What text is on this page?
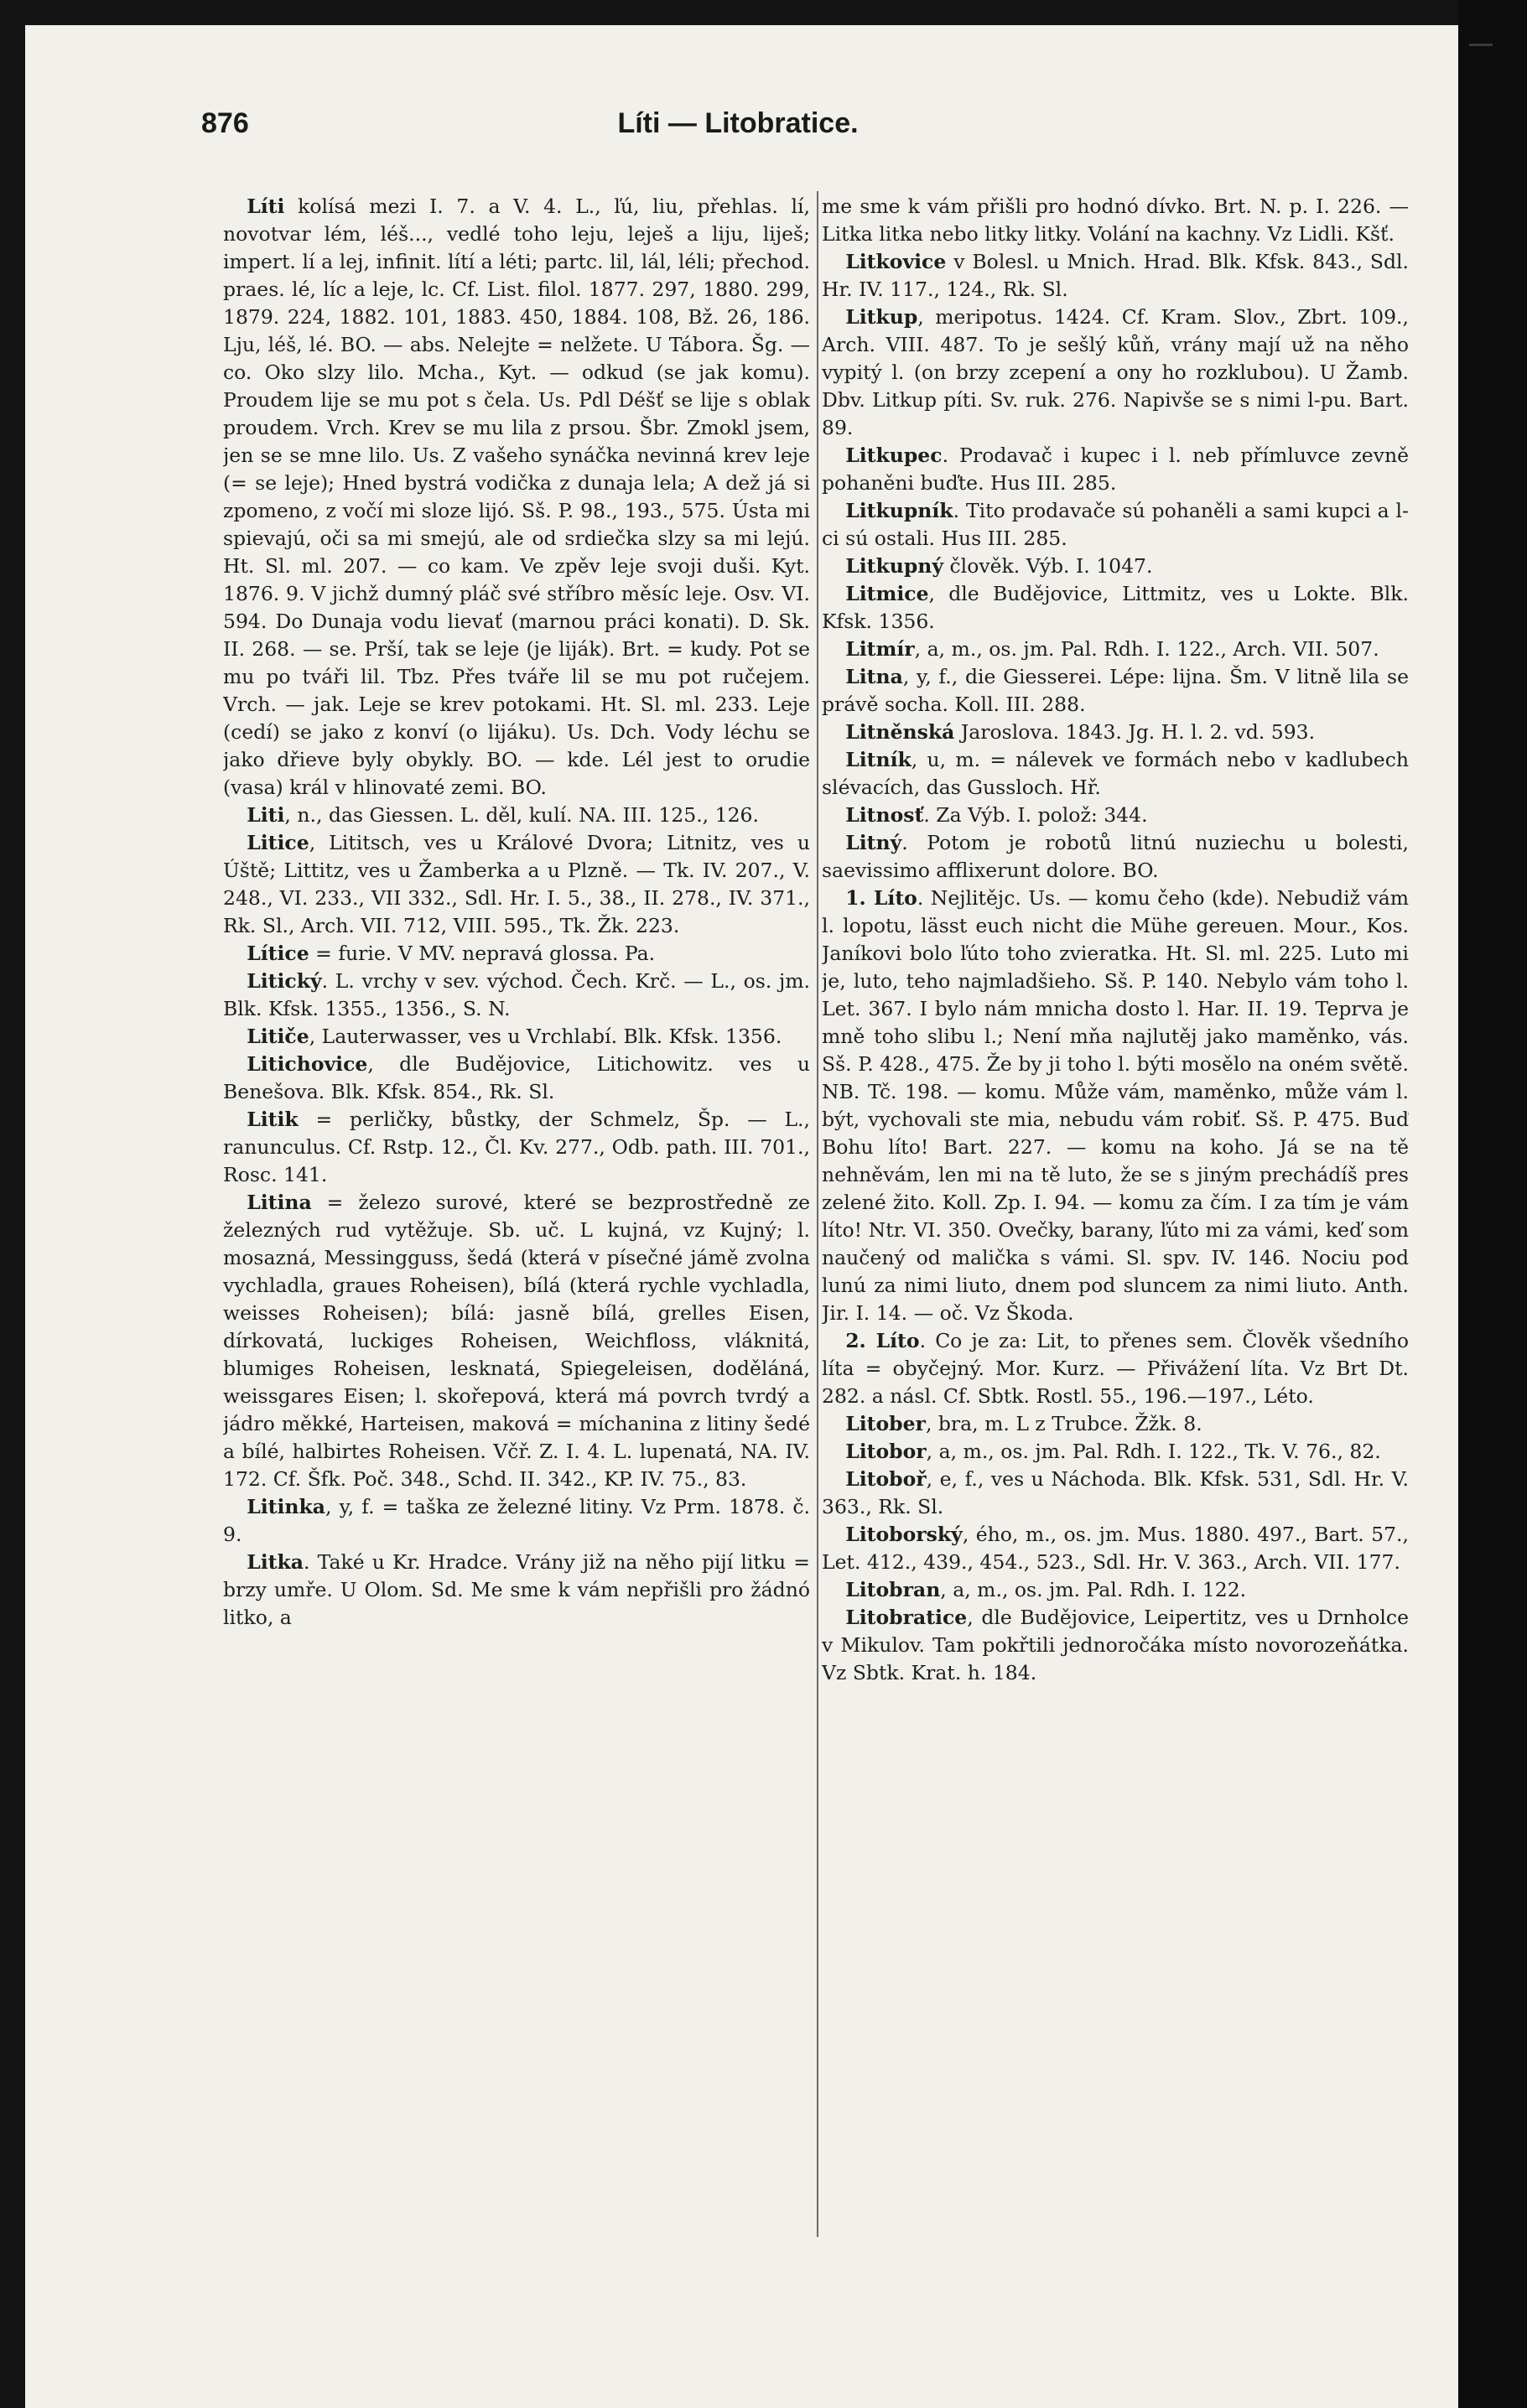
876	Líti — Litobratice.

Líti kolísá mezi I. 7. a V. 4. L., ľú, liu, přehlas. lí, novotvar lém, léš..., vedlé toho leju, leješ a liju, liješ; impert. lí a lej, infinit. lítí a léti; partc. lil, lál, léli; přechod. praes. lé, líc a leje, lc. Cf. List. filol. 1877. 297, 1880. 299, 1879. 224, 1882. 101, 1883. 450, 1884. 108, Bž. 26, 186. Lju, léš, lé. BO. — abs. Nelejte = nelžete. U Tábora. Šg. — co. Oko slzy lilo. Mcha., Kyt. — odkud (se jak komu). Proudem lije se mu pot s čela. Us. Pdl Déšť se lije s oblak proudem. Vrch. Krev se mu lila z prsou. Šbr. Zmokl jsem, jen se se mne lilo. Us. Z vašeho synáčka nevinná krev leje (= se leje); Hned bystrá vodička z dunaja lela; A dež já si zpomeno, z vočí mi sloze lijó. Sš. P. 98., 193., 575. Ústa mi spievajú, oči sa mi smejú, ale od srdiečka slzy sa mi lejú. Ht. Sl. ml. 207. — co kam. Ve zpěv leje svoji duši. Kyt. 1876. 9. V jichž dumný pláč své stříbro měsíc leje. Osv. VI. 594. Do Dunaja vodu lievať (marnou práci konati). D. Sk. II. 268. — se. Prší, tak se leje (je liják). Brt. = kudy. Pot se mu po tváři lil. Tbz. Přes tváře lil se mu pot ručejem. Vrch. — jak. Leje se krev potokami. Ht. Sl. ml. 233. Leje (cedí) se jako z konví (o lijáku). Us. Dch. Vody léchu se jako dřieve byly obykly. BO. — kde. Lél jest to orudie (vasa) král v hlinovaté zemi. BO.

Liti, n., das Giessen. L. děl, kulí. NA. III. 125., 126.

Litice, Lititsch, ves u Králové Dvora; Litnitz, ves u Úště; Littitz, ves u Žamberka a u Plzně. — Tk. IV. 207., V. 248., VI. 233., VII 332., Sdl. Hr. I. 5., 38., II. 278., IV. 371., Rk. Sl., Arch. VII. 712, VIII. 595., Tk. Žk. 223.

Lítice = furie. V MV. nepravá glossa. Pa.

Litický. L. vrchy v sev. východ. Čech. Krč. — L., os. jm. Blk. Kfsk. 1355., 1356., S. N.

Litiče, Lauterwasser, ves u Vrchlabí. Blk. Kfsk. 1356.

Litichovice, dle Budějovice, Litichowitz. ves u Benešova. Blk. Kfsk. 854., Rk. Sl.

Litik = perličky, bůstky, der Schmelz, Šp. — L., ranunculus. Cf. Rstp. 12., Čl. Kv. 277., Odb. path. III. 701., Rosc. 141.

Litina = železo surové, které se bezprostředně ze železných rud vytěžuje. Sb. uč. L kujná, vz Kujný; l. mosazná, Messingguss, šedá (která v písečné jámě zvolna vychladla, graues Roheisen), bílá (která rychle vychladla, weisses Roheisen); bílá: jasně bílá, grelles Eisen, dírkovatá, luckiges Roheisen, Weichfloss, vláknitá, blumiges Roheisen, lesknatá, Spiegeleisen, doděláná, weissgares Eisen; l. skořepová, která má povrch tvrdý a jádro měkké, Harteisen, maková = míchanina z litiny šedé a bílé, halbirtes Roheisen. Včř. Z. I. 4. L. lupenatá, NA. IV. 172. Cf. Šfk. Poč. 348., Schd. II. 342., KP. IV. 75., 83.

Litinka, y, f. = taška ze železné litiny. Vz Prm. 1878. č. 9.

Litka. Také u Kr. Hradce. Vrány již na něho pijí litku = brzy umře. U Olom. Sd. Me sme k vám nepřišli pro žádnó litko, a

me sme k vám přišli pro hodnó dívko. Brt. N. p. I. 226. — Litka litka nebo litky litky. Volání na kachny. Vz Lidli. Kšť.

Litkovice v Bolesl. u Mnich. Hrad. Blk. Kfsk. 843., Sdl. Hr. IV. 117., 124., Rk. Sl.

Litkup, meripotus. 1424. Cf. Kram. Slov., Zbrt. 109., Arch. VIII. 487. To je sešlý kůň, vrány mají už na něho vypitý l. (on brzy zcepení a ony ho rozklubou). U Žamb. Dbv. Litkup píti. Sv. ruk. 276. Napivše se s nimi l-pu. Bart. 89.

Litkupec. Prodavač i kupec i l. neb přímluvce zevně pohaněni buďte. Hus III. 285.

Litkupník. Tito prodavače sú pohaněli a sami kupci a l-ci sú ostali. Hus III. 285.

Litkupný člověk. Výb. I. 1047.

Litmice, dle Budějovice, Littmitz, ves u Lokte. Blk. Kfsk. 1356.

Litmír, a, m., os. jm. Pal. Rdh. I. 122., Arch. VII. 507.

Litna, y, f., die Giesserei. Lépe: lijna. Šm. V litně lila se právě socha. Koll. III. 288.

Litněnská Jaroslova. 1843. Jg. H. l. 2. vd. 593.

Litník, u, m. = nálevek ve formách nebo v kadlubech slévacích, das Gussloch. Hř.

Litnosť. Za Výb. I. polož: 344.

Litný. Potom je robotů litnú nuziechu u bolesti, saevissimo afflixerunt dolore. BO.

1. Líto. Nejlitějc. Us. — komu čeho (kde). Nebudiž vám l. lopotu, lässt euch nicht die Mühe gereuen. Mour., Kos. Janíkovi bolo ľúto toho zvieratka. Ht. Sl. ml. 225. Luto mi je, luto, teho najmladšieho. Sš. P. 140. Nebylo vám toho l. Let. 367. I bylo nám mnicha dosto l. Har. II. 19. Teprva je mně toho slibu l.; Není mňa najlutěj jako maměnko, vás. Sš. P. 428., 475. Že by ji toho l. býti mosělo na oném světě. NB. Tč. 198. — komu. Může vám, maměnko, může vám l. být, vychovali ste mia, nebudu vám robiť. Sš. P. 475. Buď Bohu líto! Bart. 227. — komu na koho. Já se na tě nehněvám, len mi na tě luto, že se s jiným prechádíš pres zelené žito. Koll. Zp. I. 94. — komu za čím. I za tím je vám líto! Ntr. VI. 350. Ovečky, barany, ľúto mi za vámi, keď som naučený od malička s vámi. Sl. spv. IV. 146. Nociu pod lunú za nimi liuto, dnem pod sluncem za nimi liuto. Anth. Jir. I. 14. — oč. Vz Škoda.

2. Líto. Co je za: Lit, to přenes sem. Člověk všedního líta = obyčejný. Mor. Kurz. — Přivážení líta. Vz Brt Dt. 282. a násl. Cf. Sbtk. Rostl. 55., 196.—197., Léto.

Litober, bra, m. L z Trubce. Žžk. 8.

Litobor, a, m., os. jm. Pal. Rdh. I. 122., Tk. V. 76., 82.

Litoboř, e, f., ves u Náchoda. Blk. Kfsk. 531, Sdl. Hr. V. 363., Rk. Sl.

Litoborský, ého, m., os. jm. Mus. 1880. 497., Bart. 57., Let. 412., 439., 454., 523., Sdl. Hr. V. 363., Arch. VII. 177.

Litobran, a, m., os. jm. Pal. Rdh. I. 122.

Litobratice, dle Budějovice, Leipertitz, ves u Drnholce v Mikulov. Tam pokřtili jednoročáka místo novorozeňátka. Vz Sbtk. Krat. h. 184.
